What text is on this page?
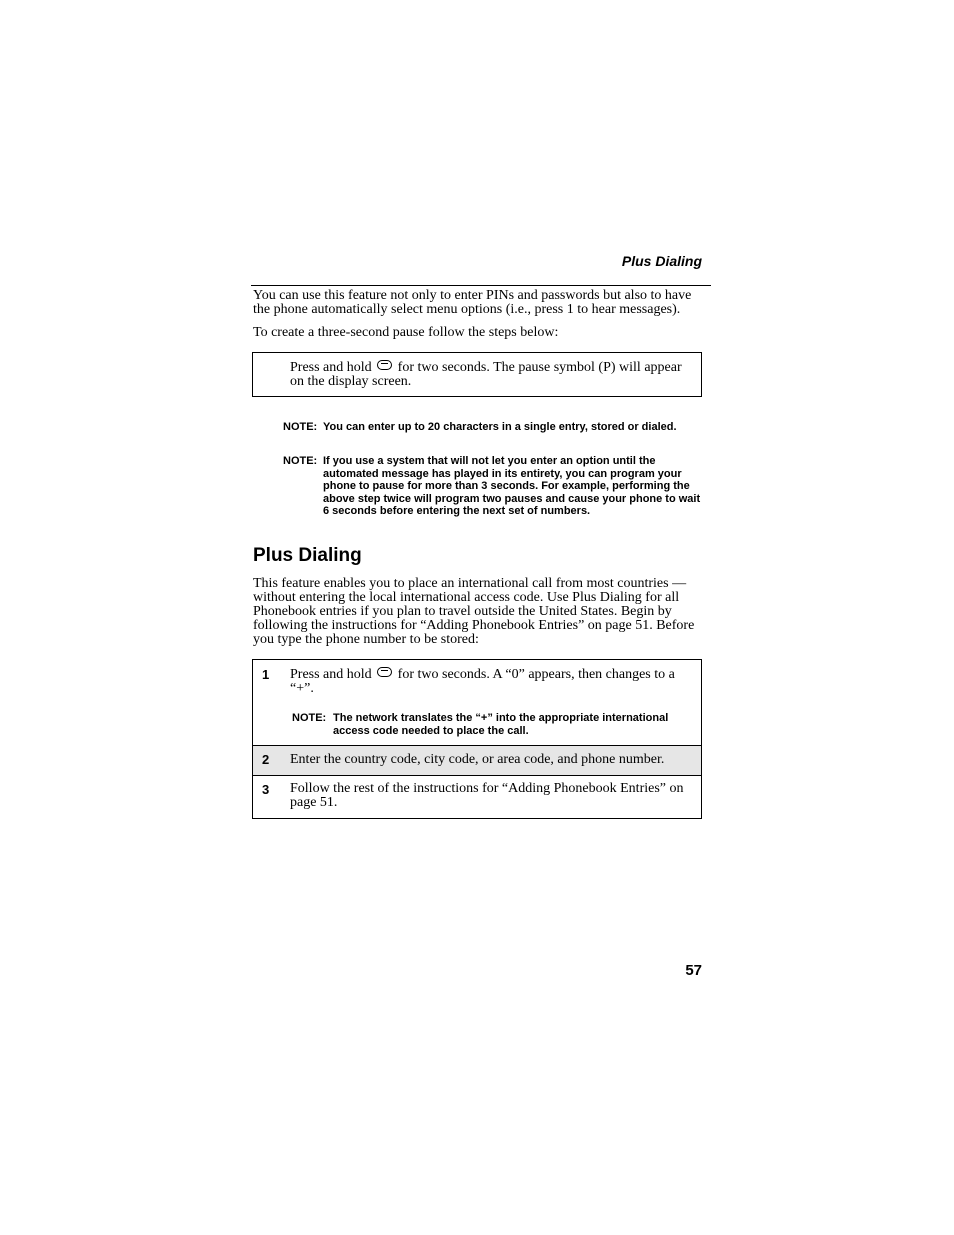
Plus Dialing
You can use this feature not only to enter PINs and passwords but also to have the phone automatically select menu options (i.e., press 1 to hear messages).
To create a three-second pause follow the steps below:
Press and hold for two seconds. The pause symbol (P) will appear on the display screen.
NOTE: You can enter up to 20 characters in a single entry, stored or dialed.
NOTE: If you use a system that will not let you enter an option until the automated message has played in its entirety, you can program your phone to pause for more than 3 seconds. For example, performing the above step twice will program two pauses and cause your phone to wait 6 seconds before entering the next set of numbers.
Plus Dialing
This feature enables you to place an international call from most countries — without entering the local international access code. Use Plus Dialing for all Phonebook entries if you plan to travel outside the United States. Begin by following the instructions for “Adding Phonebook Entries” on page 51. Before you type the phone number to be stored:
1 Press and hold for two seconds. A “0” appears, then changes to a “+”.
NOTE: The network translates the “+” into the appropriate international access code needed to place the call.
2 Enter the country code, city code, or area code, and phone number.
3 Follow the rest of the instructions for “Adding Phonebook Entries” on page 51.
57
